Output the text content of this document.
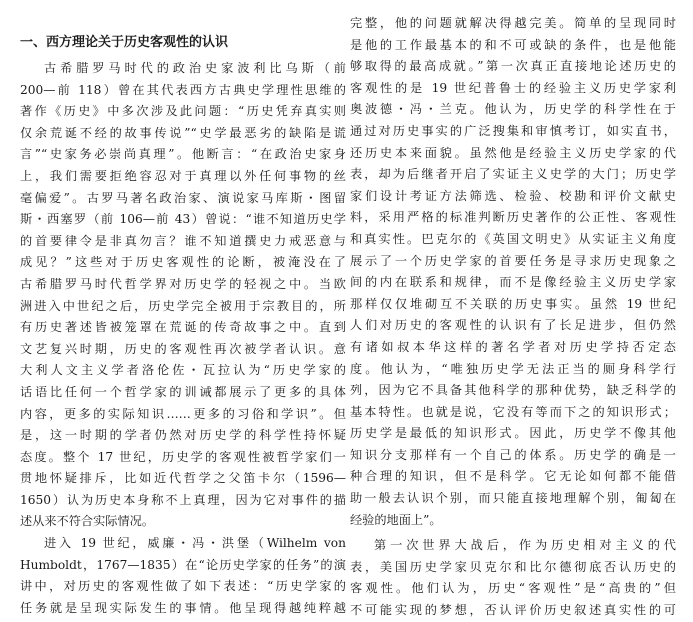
一、西方理论关于历史客观性的认识
古希腊罗马时代的政治史家波利比乌斯（前
200—前 118）曾在其代表西方古典史学理性思维的
著作《历史》中多次涉及此问题：“历史凭弃真实则
仅余荒诞不经的故事传说”“史学最恶劣的缺陷是谎
言”“史家务必崇尚真理”。他断言：“在政治史家身
上，我们需要拒绝容忍对于真理以外任何事物的丝
毫偏爱”。古罗马著名政治家、演说家马库斯・图留
斯・西塞罗（前 106—前 43）曾说：“谁不知道历史学
的首要律令是非真勿言？谁不知道撰史力戒恶意与
成见？”这些对于历史客观性的论断，被淹没在了
古希腊罗马时代哲学界对历史学的轻视之中。当欧
洲进入中世纪之后，历史学完全被用于宗教目的，所
有历史著述皆被笼罩在荒诞的传奇故事之中。直到
文艺复兴时期，历史的客观性再次被学者认识。意
大利人文主义学者洛伦佐・瓦拉认为“历史学家的
话语比任何一个哲学家的训诫都展示了更多的具体
内容，更多的实际知识……更多的习俗和学识”。但
是，这一时期的学者仍然对历史学的科学性持怀疑
态度。整个 17 世纪，历史学的客观性被哲学家们一
贯地怀疑排斥，比如近代哲学之父笛卡尔（1596—
1650）认为历史本身称不上真理，因为它对事件的描
述从来不符合实际情况。
进入 19 世纪，威廉・冯・洪堡（Wilhelm von
Humboldt，1767—1835）在“论历史学家的任务”的演
讲中，对历史的客观性做了如下表述：“历史学家的
任务就是呈现实际发生的事情。他呈现得越纯粹越
完整，他的问题就解决得越完美。简单的呈现同时
是他的工作最基本的和不可或缺的条件，也是他能
够取得的最高成就。”第一次真正直接地论述历史的
客观性的是 19 世纪普鲁士的经验主义历史学家利
奥波德・冯・兰克。他认为，历史学的科学性在于
通过对历史事实的广泛搜集和审慎考订，如实直书，
还历史本来面貌。虽然他是经验主义历史学家的代
表，却为后继者开启了实证主义史学的大门；历史学
家们设计考证方法筛选、检验、校勘和评价文献史
料，采用严格的标准判断历史著作的公正性、客观性
和真实性。巴克尔的《英国文明史》从实证主义角度
展示了一个历史学家的首要任务是寻求历史现象之
间的内在联系和规律，而不是像经验主义历史学家
那样仅仅堆砌互不关联的历史事实。虽然 19 世纪
人们对历史的客观性的认识有了长足进步，但仍然
有诸如叔本华这样的著名学者对历史学持否定态
度。他认为，“唯独历史学无法正当的厕身科学行
列，因为它不具备其他科学的那种优势，缺乏科学的
基本特性。也就是说，它没有等而下之的知识形式；
历史学是最低的知识形式。因此，历史学不像其他
知识分支那样有一个自己的体系。历史学的确是一
种合理的知识，但不是科学。它无论如何都不能借
助一般去认识个别，而只能直接地理解个别，匍匐在
经验的地面上”。
第一次世界大战后，作为历史相对主义的代
表，美国历史学家贝克尔和比尔德彻底否认历史的
客观性。他们认为，历史“客观性”是“高贵的”但
不可能实现的梦想，否认评价历史叙述真实性的可
